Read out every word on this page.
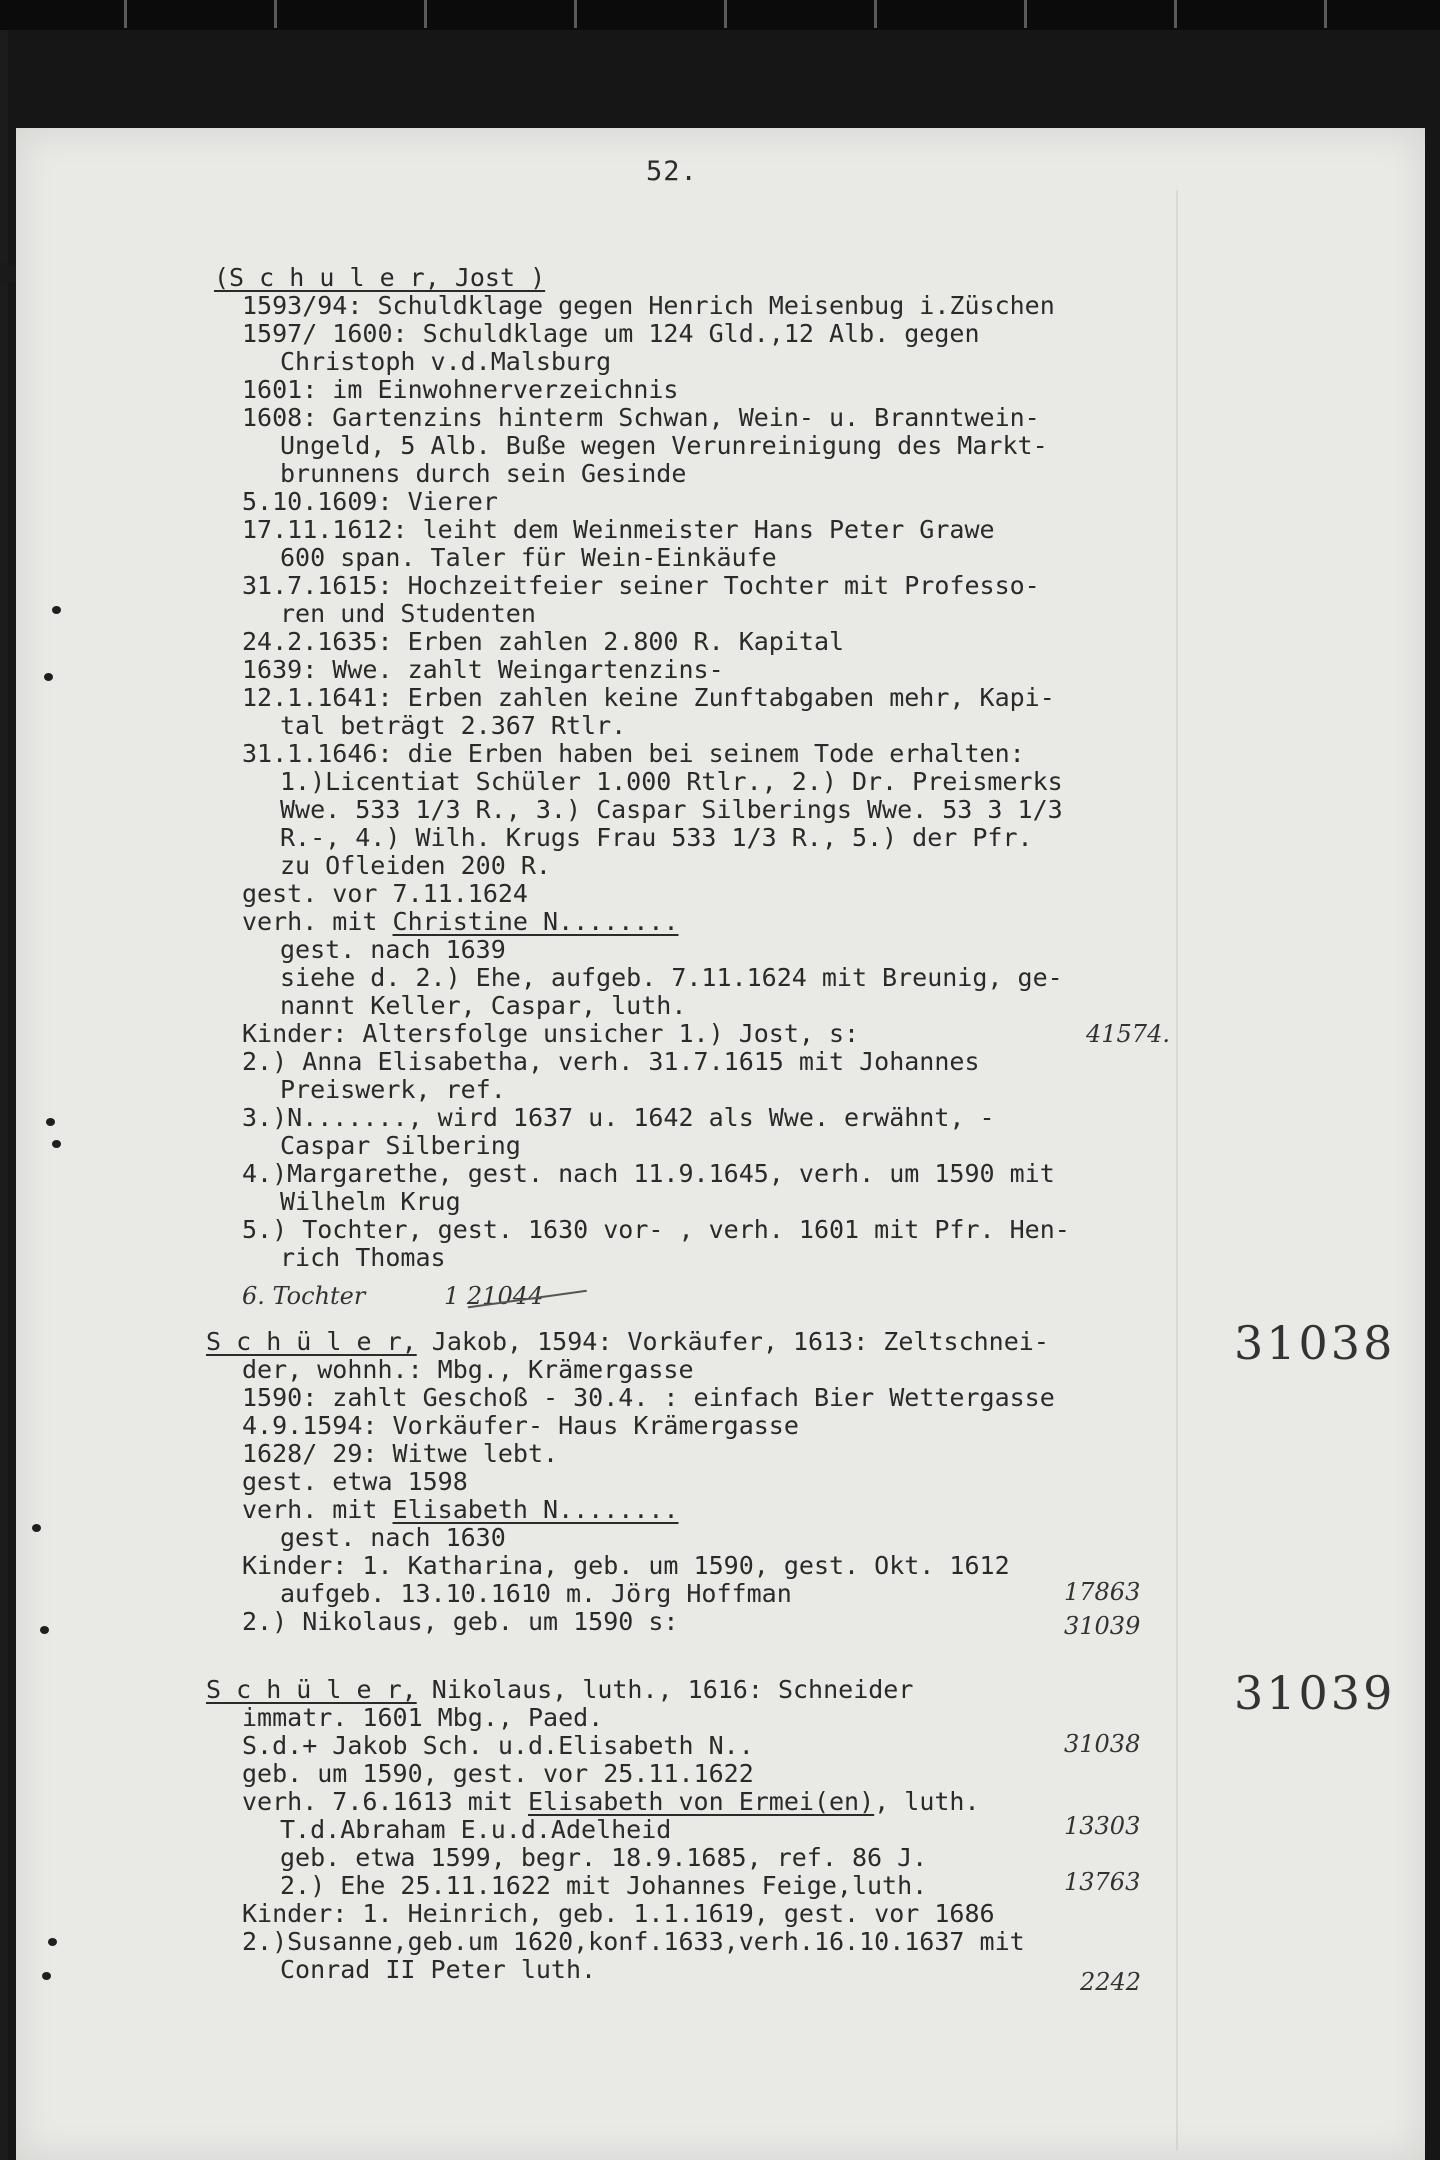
52.
(S c h u l e r, Jost )
1593/94: Schuldklage gegen Henrich Meisenbug i.Züschen
1597/ 1600: Schuldklage um 124 Gld.,12 Alb. gegen
Christoph v.d.Malsburg
1601: im Einwohnerverzeichnis
1608: Gartenzins hinterm Schwan, Wein- u. Branntwein-
Ungeld, 5 Alb. Buße wegen Verunreinigung des Markt-
brunnens durch sein Gesinde
5.10.1609: Vierer
17.11.1612: leiht dem Weinmeister Hans Peter Grawe
600 span. Taler für Wein-Einkäufe
31.7.1615: Hochzeitfeier seiner Tochter mit Professo-
ren und Studenten
24.2.1635: Erben zahlen 2.800 R. Kapital
1639: Wwe. zahlt Weingartenzins-
12.1.1641: Erben zahlen keine Zunftabgaben mehr, Kapi-
tal beträgt 2.367 Rtlr.
31.1.1646: die Erben haben bei seinem Tode erhalten:
1.)Licentiat Schüler 1.000 Rtlr., 2.) Dr. Preismerks
Wwe. 533 1/3 R., 3.) Caspar Silberings Wwe. 53 3 1/3
R.-, 4.) Wilh. Krugs Frau 533 1/3 R., 5.) der Pfr.
zu Ofleiden 200 R.
gest. vor 7.11.1624
verh. mit Christine N........
gest. nach 1639
siehe d. 2.) Ehe, aufgeb. 7.11.1624 mit Breunig, ge-
nannt Keller, Caspar, luth.
Kinder: Altersfolge unsicher 1.) Jost, s:
2.) Anna Elisabetha, verh. 31.7.1615 mit Johannes
Preiswerk, ref.
3.)N......., wird 1637 u. 1642 als Wwe. erwähnt, -
Caspar Silbering
4.)Margarethe, gest. nach 11.9.1645, verh. um 1590 mit
Wilhelm Krug
5.) Tochter, gest. 1630 vor- , verh. 1601 mit Pfr. Hen-
rich Thomas
S c h ü l e r, Jakob, 1594: Vorkäufer, 1613: Zeltschnei-
der, wohnh.: Mbg., Krämergasse
1590: zahlt Geschoß - 30.4. : einfach Bier Wettergasse
4.9.1594: Vorkäufer- Haus Krämergasse
1628/ 29: Witwe lebt.
gest. etwa 1598
verh. mit Elisabeth N........
gest. nach 1630
Kinder: 1. Katharina, geb. um 1590, gest. Okt. 1612
aufgeb. 13.10.1610 m. Jörg Hoffman
2.) Nikolaus, geb. um 1590 s:
S c h ü l e r, Nikolaus, luth., 1616: Schneider
immatr. 1601 Mbg., Paed.
S.d.+ Jakob Sch. u.d.Elisabeth N..
geb. um 1590, gest. vor 25.11.1622
verh. 7.6.1613 mit Elisabeth von Ermei(en), luth.
T.d.Abraham E.u.d.Adelheid
geb. etwa 1599, begr. 18.9.1685, ref. 86 J.
2.) Ehe 25.11.1622 mit Johannes Feige,luth.
Kinder: 1. Heinrich, geb. 1.1.1619, gest. vor 1686
2.)Susanne,geb.um 1620,konf.1633,verh.16.10.1637 mit
Conrad II Peter luth.
41574.
6. Tochter	1 21044
17863
31039
31038
13303
13763
2242
31038
31039
